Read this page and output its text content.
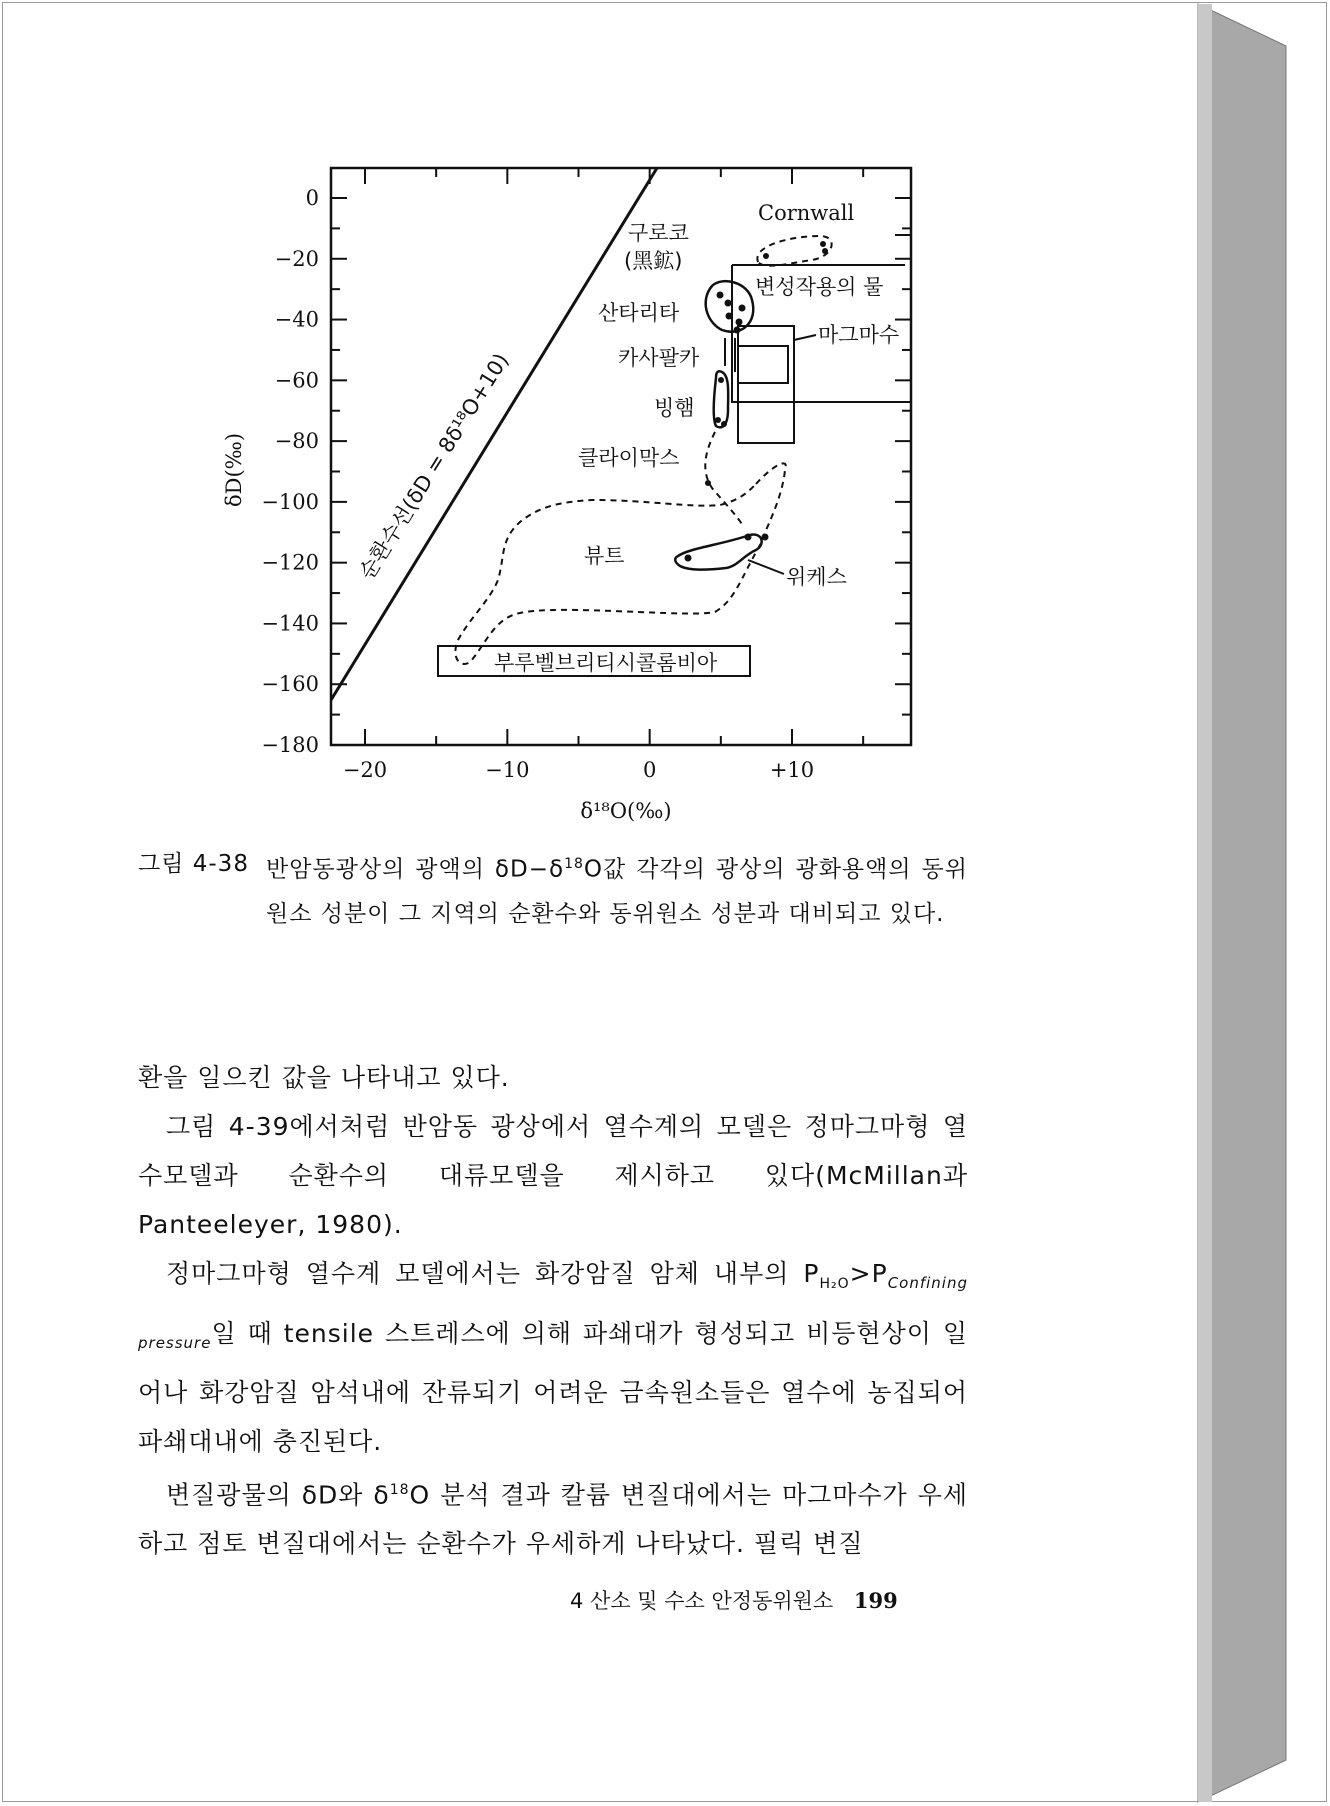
−20	−10	0	+10
0
−20
−40
−60
−80
−100
−120
−140
−160
−180
δD(‰)
δ¹⁸O(‰)
순환수선(δD = 8δ¹⁸O+10)
Cornwall
구로코
(黑鉱)
변성작용의 물
산타리타
마그마수
카사팔카
빙햄
클라이막스
뷰트
위케스
부루벨브리티시콜롬비아
그림 4-38 반암동광상의 광액의 $\delta D-\delta^{18}O$값 각각의 광상의 광화용액의 동위원소 성분이 그 지역의 순환수와 동위원소 성분과 대비되고 있다.

환을 일으킨 값을 나타내고 있다.

그림 4-39에서처럼 반암동 광상에서 열수계의 모델은 정마그마형 열수모델과 순환수의 대류모델을 제시하고 있다(McMillan과 Panteeleyer, 1980).

정마그마형 열수계 모델에서는 화강암질 암체 내부의 $P_{H_2O}>P_{Confining pressure}$일 때 tensile 스트레스에 의해 파쇄대가 형성되고 비등현상이 일어나 화강암질 암석내에 잔류되기 어려운 금속원소들은 열수에 농집되어 파쇄대내에 충진된다.

변질광물의 δD와 $\delta^{18}O$ 분석 결과 칼륨 변질대에서는 마그마수가 우세하고 점토 변질대에서는 순환수가 우세하게 나타났다. 필릭 변질

4 산소 및 수소 안정동위원소 199
